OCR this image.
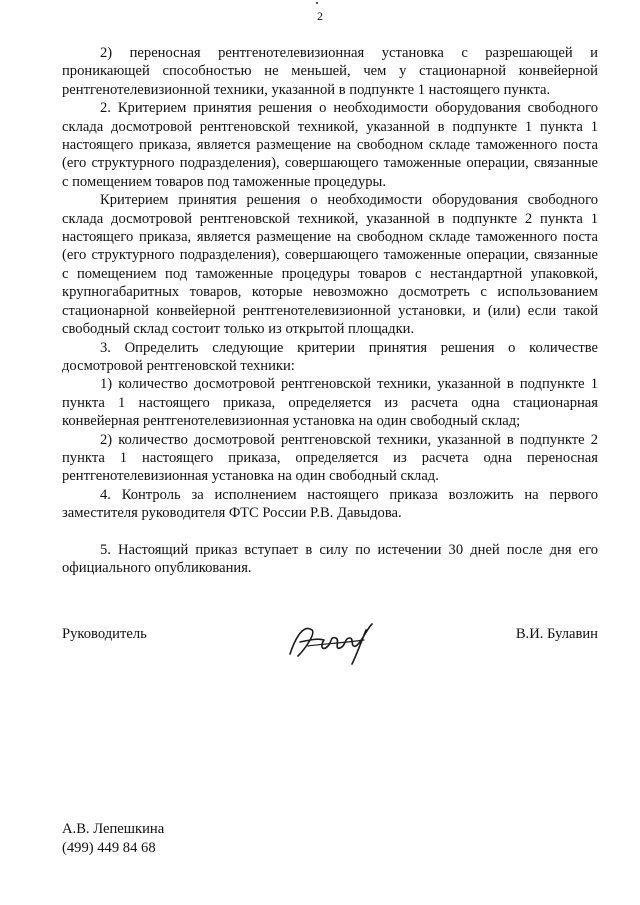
2

2) переносная рентгенотелевизионная установка с разрешающей и проникающей способностью не меньшей, чем у стационарной конвейерной рентгенотелевизионной техники, указанной в подпункте 1 настоящего пункта.

2. Критерием принятия решения о необходимости оборудования свободного склада досмотровой рентгеновской техникой, указанной в подпункте 1 пункта 1 настоящего приказа, является размещение на свободном складе таможенного поста (его структурного подразделения), совершающего таможенные операции, связанные с помещением товаров под таможенные процедуры.

Критерием принятия решения о необходимости оборудования свободного склада досмотровой рентгеновской техникой, указанной в подпункте 2 пункта 1 настоящего приказа, является размещение на свободном складе таможенного поста (его структурного подразделения), совершающего таможенные операции, связанные с помещением под таможенные процедуры товаров с нестандартной упаковкой, крупногабаритных товаров, которые невозможно досмотреть с использованием стационарной конвейерной рентгенотелевизионной установки, и (или) если такой свободный склад состоит только из открытой площадки.

3. Определить следующие критерии принятия решения о количестве досмотровой рентгеновской техники:

1) количество досмотровой рентгеновской техники, указанной в подпункте 1 пункта 1 настоящего приказа, определяется из расчета одна стационарная конвейерная рентгенотелевизионная установка на один свободный склад;

2) количество досмотровой рентгеновской техники, указанной в подпункте 2 пункта 1 настоящего приказа, определяется из расчета одна переносная рентгенотелевизионная установка на один свободный склад.

4. Контроль за исполнением настоящего приказа возложить на первого заместителя руководителя ФТС России Р.В. Давыдова.

5. Настоящий приказ вступает в силу по истечении 30 дней после дня его официального опубликования.

Руководитель	В.И. Булавин
А.В. Лепешкина
(499) 449 84 68
